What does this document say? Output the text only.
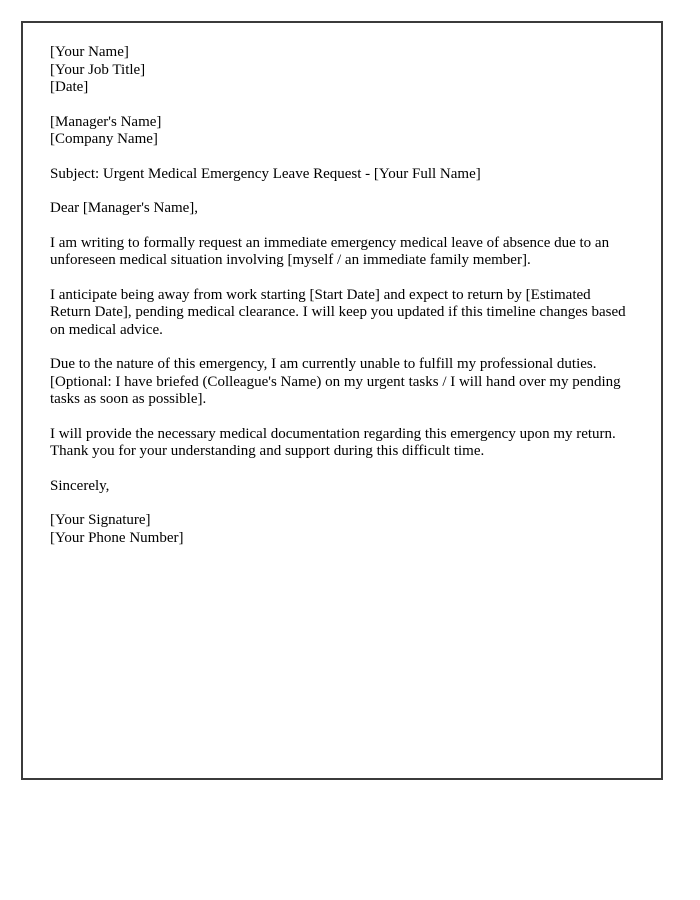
[Your Name]
[Your Job Title]
[Date]

[Manager's Name]
[Company Name]

Subject: Urgent Medical Emergency Leave Request - [Your Full Name]

Dear [Manager's Name],

I am writing to formally request an immediate emergency medical leave of absence due to an unforeseen medical situation involving [myself / an immediate family member].

I anticipate being away from work starting [Start Date] and expect to return by [Estimated Return Date], pending medical clearance. I will keep you updated if this timeline changes based on medical advice.

Due to the nature of this emergency, I am currently unable to fulfill my professional duties. [Optional: I have briefed (Colleague's Name) on my urgent tasks / I will hand over my pending tasks as soon as possible].

I will provide the necessary medical documentation regarding this emergency upon my return. Thank you for your understanding and support during this difficult time.

Sincerely,

[Your Signature]
[Your Phone Number]
